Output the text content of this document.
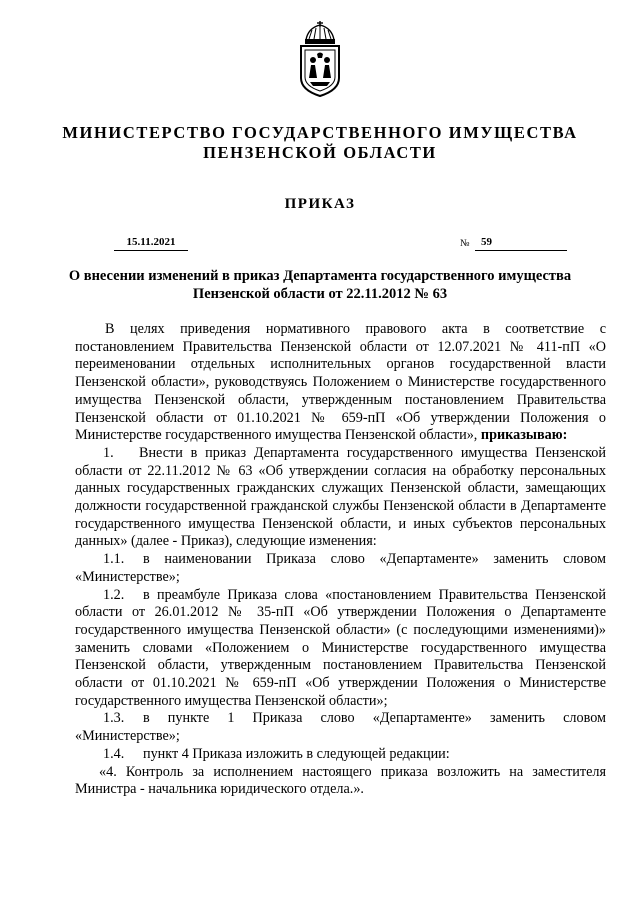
МИНИСТЕРСТВО ГОСУДАРСТВЕННОГО ИМУЩЕСТВА
ПЕНЗЕНСКОЙ ОБЛАСТИ
ПРИКАЗ
15.11.2021	№	59
О внесении изменений в приказ Департамента государственного имущества
Пензенской области от 22.11.2012 № 63

В целях приведения нормативного правового акта в соответствие с постановлением Правительства Пензенской области от 12.07.2021 № 411-пП «О переименовании отдельных исполнительных органов государственной власти Пензенской области», руководствуясь Положением о Министерстве государственного имущества Пензенской области, утвержденным постановлением Правительства Пензенской области от 01.10.2021 № 659-пП «Об утверждении Положения о Министерстве государственного имущества Пензенской области», приказываю:

1. Внести в приказ Департамента государственного имущества Пензенской области от 22.11.2012 № 63 «Об утверждении согласия на обработку персональных данных государственных гражданских служащих Пензенской области, замещающих должности государственной гражданской службы Пензенской области в Департаменте государственного имущества Пензенской области, и иных субъектов персональных данных» (далее - Приказ), следующие изменения:

1.1. в наименовании Приказа слово «Департаменте» заменить словом «Министерстве»;

1.2. в преамбуле Приказа слова «постановлением Правительства Пензенской области от 26.01.2012 № 35-пП «Об утверждении Положения о Департаменте государственного имущества Пензенской области» (с последующими изменениями)» заменить словами «Положением о Министерстве государственного имущества Пензенской области, утвержденным постановлением Правительства Пензенской области от 01.10.2021 № 659-пП «Об утверждении Положения о Министерстве государственного имущества Пензенской области»;

1.3. в пункте 1 Приказа слово «Департаменте» заменить словом «Министерстве»;

1.4. пункт 4 Приказа изложить в следующей редакции:

«4. Контроль за исполнением настоящего приказа возложить на заместителя Министра - начальника юридического отдела.».
